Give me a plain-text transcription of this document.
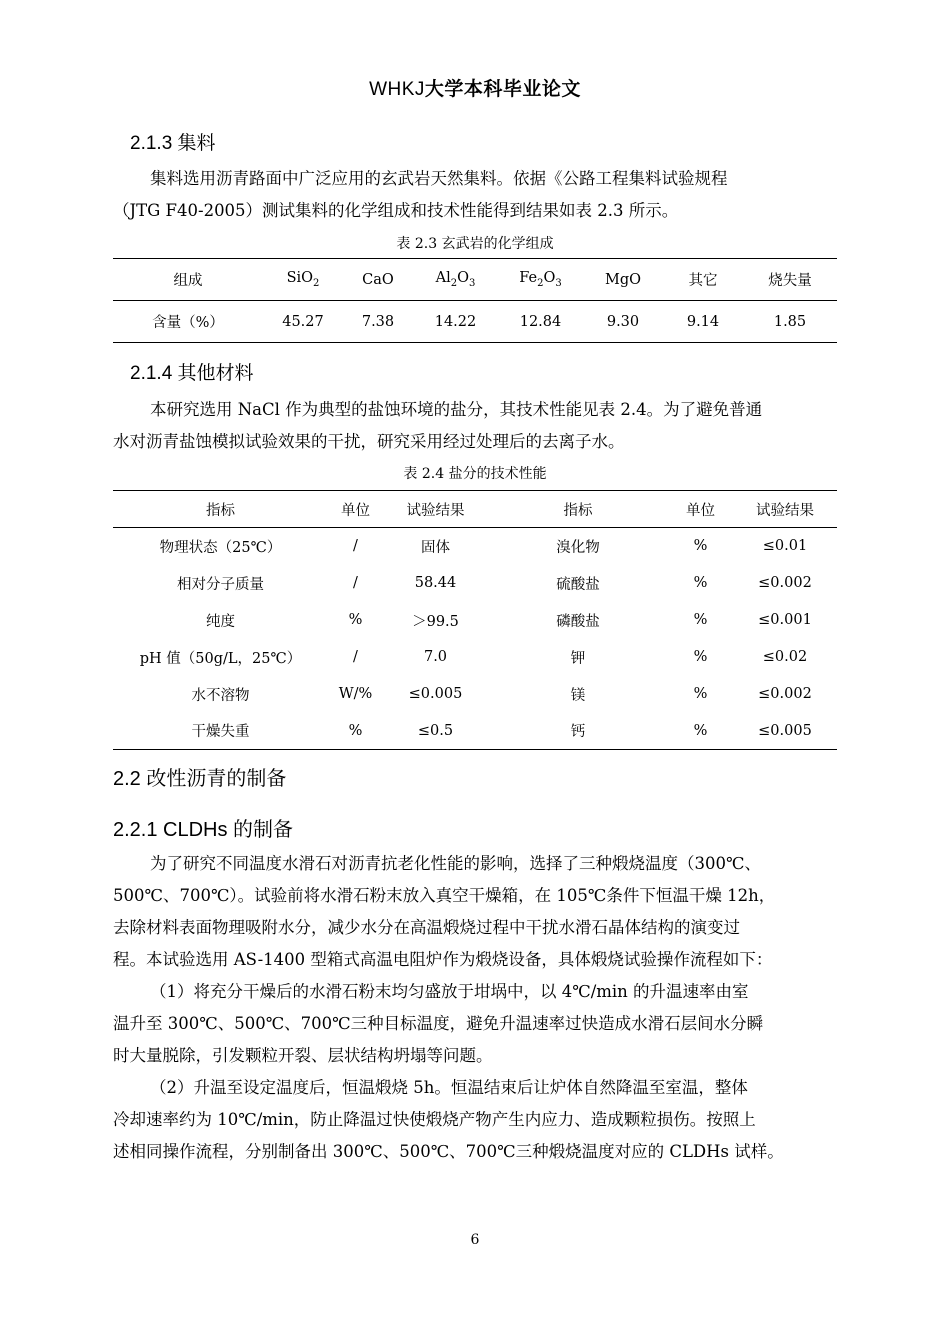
WHKJ大学本科毕业论文
2.1.3 集料
集料选用沥青路面中广泛应用的玄武岩天然集料。依据《公路工程集料试验规程
（JTG F40-2005）测试集料的化学组成和技术性能得到结果如表 2.3 所示。
表 2.3 玄武岩的化学组成
组成	SiO$_2$	CaO	$Al_2O_3$	$Fe_2O_3$	MgO	其它	烧失量
含量（%）	45.27	7.38	14.22	12.84	9.30	9.14	1.85
2.1.4 其他材料
本研究选用 NaCl 作为典型的盐蚀环境的盐分，其技术性能见表 2.4。为了避免普通
水对沥青盐蚀模拟试验效果的干扰，研究采用经过处理后的去离子水。
表 2.4 盐分的技术性能
指标	单位	试验结果	指标	单位	试验结果
物理状态（25℃）	/	固体	溴化物	%	≤0.01
相对分子质量	/	58.44	硫酸盐	%	≤0.002
纯度	%	＞99.5	磷酸盐	%	≤0.001
pH 值（50g/L，25℃）	/	7.0	钾	%	≤0.02
水不溶物	W/%	≤0.005	镁	%	≤0.002
干燥失重	%	≤0.5	钙	%	≤0.005
2.2 改性沥青的制备
2.2.1 CLDHs 的制备
为了研究不同温度水滑石对沥青抗老化性能的影响，选择了三种煅烧温度（300℃、
500℃、700℃）。试验前将水滑石粉末放入真空干燥箱，在 105℃条件下恒温干燥 12h，
去除材料表面物理吸附水分，减少水分在高温煅烧过程中干扰水滑石晶体结构的演变过
程。本试验选用 AS-1400 型箱式高温电阻炉作为煅烧设备，具体煅烧试验操作流程如下：
（1）将充分干燥后的水滑石粉末均匀盛放于坩埚中，以 4℃/min 的升温速率由室
温升至 300℃、500℃、700℃三种目标温度，避免升温速率过快造成水滑石层间水分瞬
时大量脱除，引发颗粒开裂、层状结构坍塌等问题。
（2）升温至设定温度后，恒温煅烧 5h。恒温结束后让炉体自然降温至室温，整体
冷却速率约为 10℃/min，防止降温过快使煅烧产物产生内应力、造成颗粒损伤。按照上
述相同操作流程，分别制备出 300℃、500℃、700℃三种煅烧温度对应的 CLDHs 试样。
6
